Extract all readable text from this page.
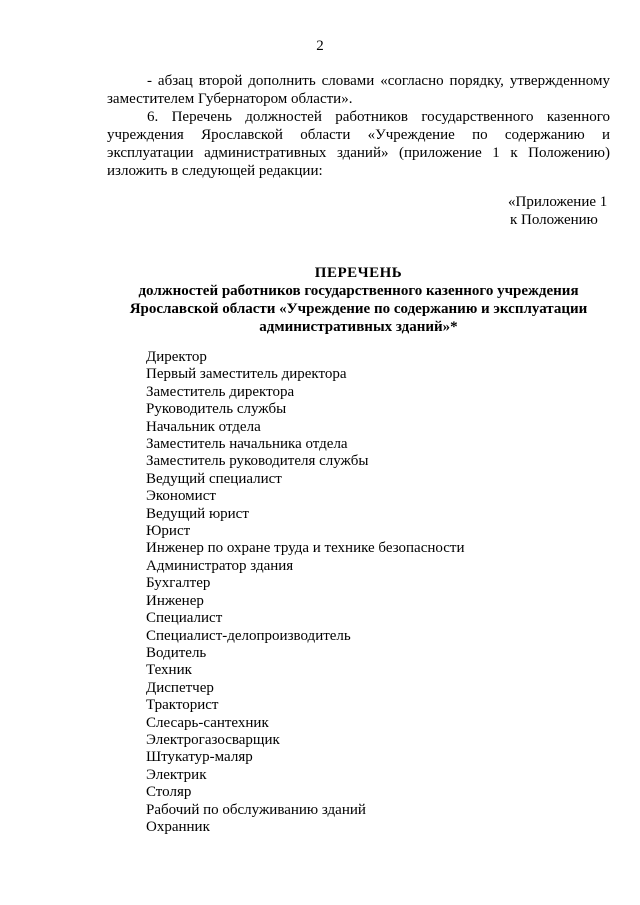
2
- абзац второй дополнить словами «согласно порядку, утвержденному заместителем Губернатором области».
6. Перечень должностей работников государственного казенного учреждения Ярославской области «Учреждение по содержанию и эксплуатации административных зданий» (приложение 1 к Положению) изложить в следующей редакции:
«Приложение 1
к Положению
ПЕРЕЧЕНЬ
должностей работников государственного казенного учреждения Ярославской области «Учреждение по содержанию и эксплуатации административных зданий»*
Директор
Первый заместитель директора
Заместитель директора
Руководитель службы
Начальник отдела
Заместитель начальника отдела
Заместитель руководителя службы
Ведущий специалист
Экономист
Ведущий юрист
Юрист
Инженер по охране труда и технике безопасности
Администратор здания
Бухгалтер
Инженер
Специалист
Специалист-делопроизводитель
Водитель
Техник
Диспетчер
Тракторист
Слесарь-сантехник
Электрогазосварщик
Штукатур-маляр
Электрик
Столяр
Рабочий по обслуживанию зданий
Охранник
